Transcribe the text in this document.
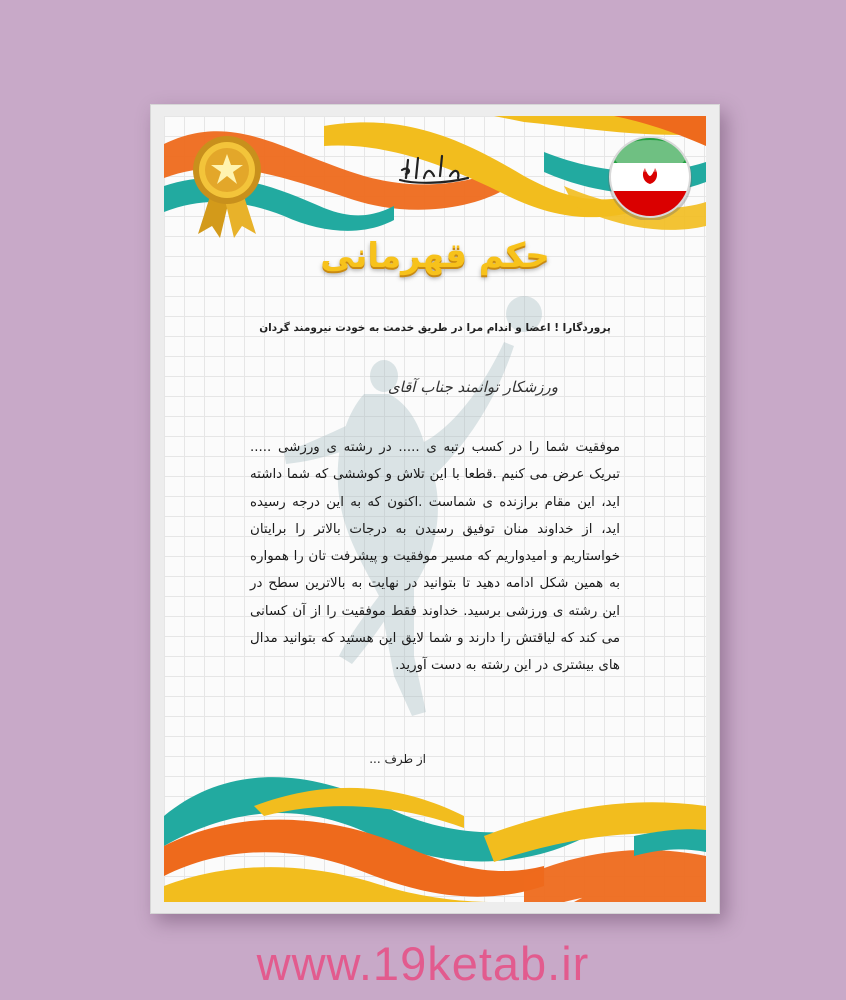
حکم قهرمانی
پروردگارا ! اعضا و اندام مرا در طریق خدمت به خودت نیرومند گردان
ورزشکار توانمند جناب آقای
موفقیت شما را در کسب رتبه ی ..... در رشته ی ورزشی ..... تبریک عرض می کنیم .قطعا با این تلاش و کوششی که شما داشته اید، این مقام برازنده ی شماست .اکنون که به این درجه رسیده اید، از خداوند منان توفیق رسیدن به درجات بالاتر را برایتان خواستاریم و امیدواریم که مسیر موفقیت و پیشرفت تان را همواره به همین شکل ادامه دهید تا بتوانید در نهایت به بالاترین سطح در این رشته ی ورزشی برسید. خداوند فقط موفقیت را از آن کسانی می کند که لیاقتش را دارند و شما لایق این هستید که بتوانید مدال های بیشتری در این رشته به دست آورید.
از طرف ...
www.19ketab.ir
